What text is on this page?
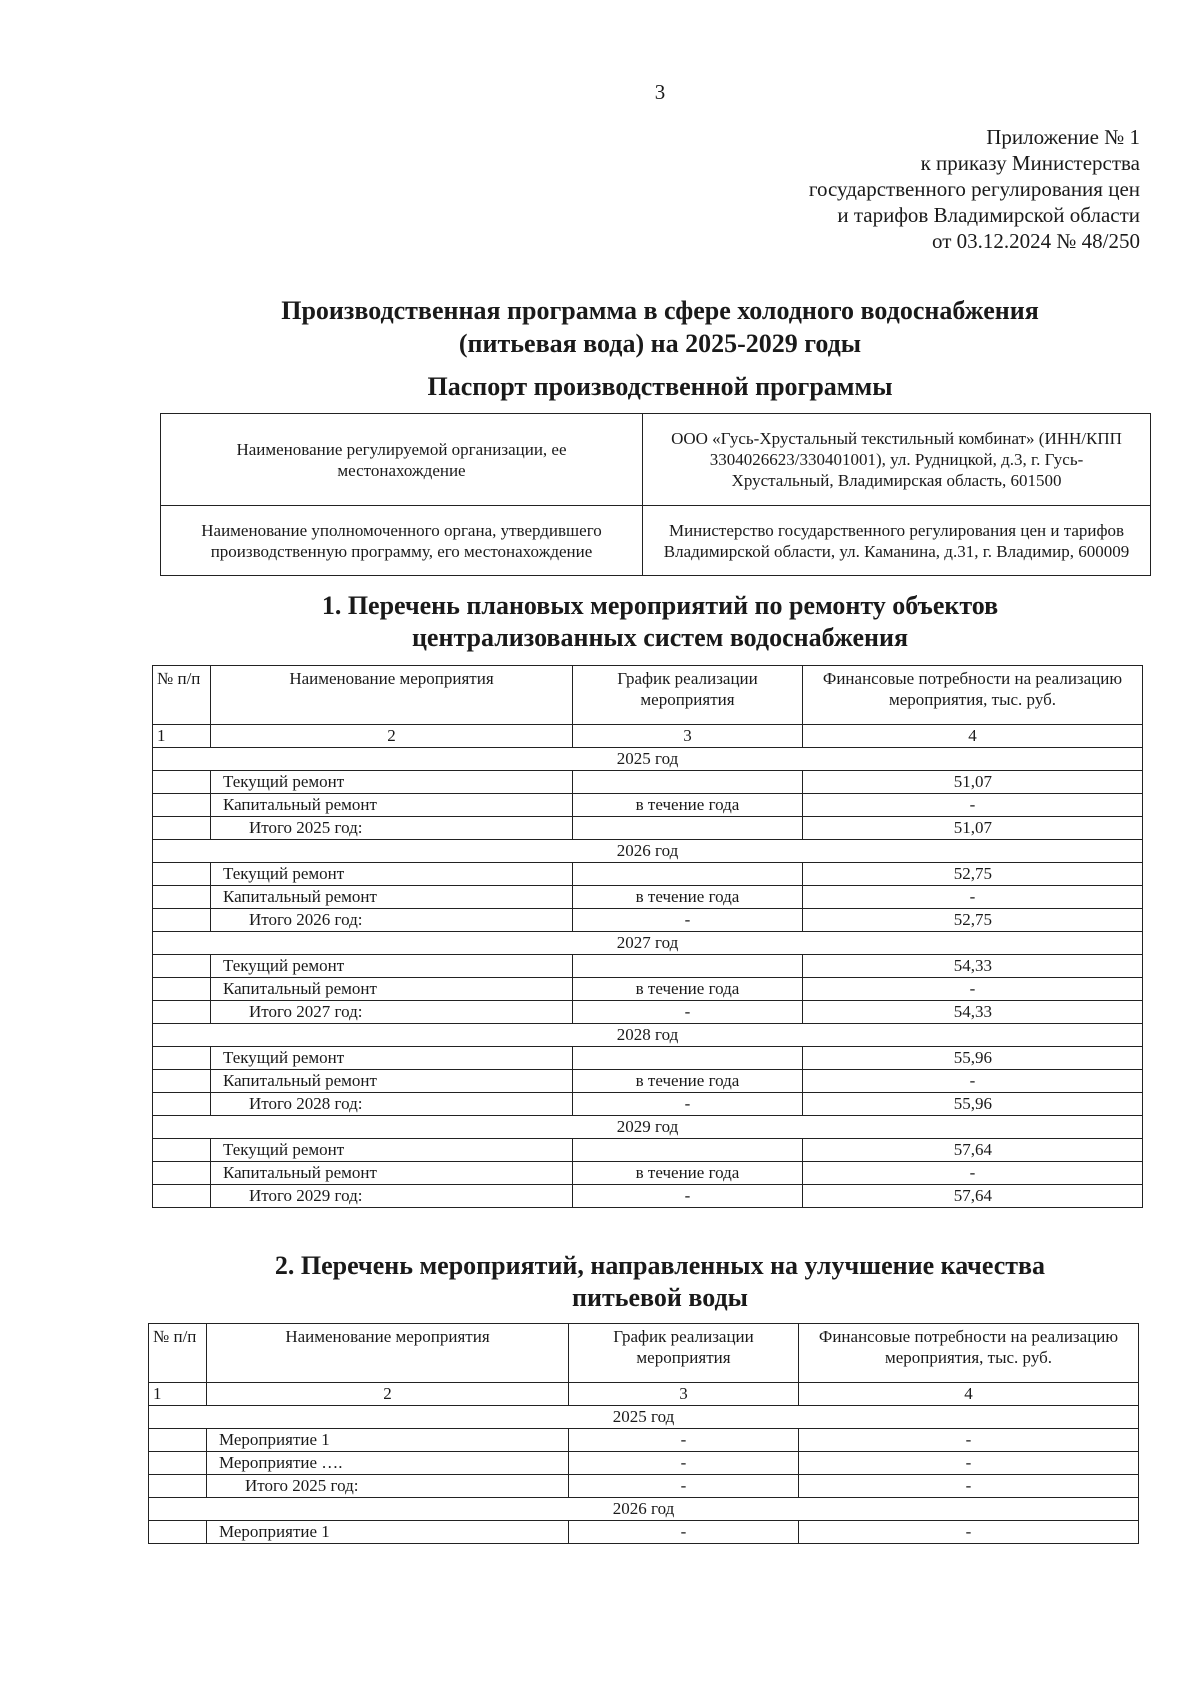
3
Приложение № 1
к приказу Министерства
государственного регулирования цен
и тарифов Владимирской области
от 03.12.2024 № 48/250
Производственная программа в сфере холодного водоснабжения
(питьевая вода) на 2025-2029 годы
Паспорт производственной программы
Наименование регулируемой организации, ее местонахождение	ООО «Гусь-Хрустальный текстильный комбинат» (ИНН/КПП 3304026623/330401001), ул. Рудницкой, д.3, г. Гусь-Хрустальный, Владимирская область, 601500
Наименование уполномоченного органа, утвердившего производственную программу, его местонахождение	Министерство государственного регулирования цен и тарифов Владимирской области, ул. Каманина, д.31, г. Владимир, 600009
1. Перечень плановых мероприятий по ремонту объектов
централизованных систем водоснабжения
№ п/п	Наименование мероприятия	График реализации мероприятия	Финансовые потребности на реализацию мероприятия, тыс. руб.
1	2	3	4
2025 год			
	Текущий ремонт		51,07
	Капитальный ремонт	в течение года	-
	Итого 2025 год:		51,07
2026 год			
	Текущий ремонт		52,75
	Капитальный ремонт	в течение года	-
	Итого 2026 год:	-	52,75
2027 год			
	Текущий ремонт		54,33
	Капитальный ремонт	в течение года	-
	Итого 2027 год:	-	54,33
2028 год			
	Текущий ремонт		55,96
	Капитальный ремонт	в течение года	-
	Итого 2028 год:	-	55,96
2029 год			
	Текущий ремонт		57,64
	Капитальный ремонт	в течение года	-
	Итого 2029 год:	-	57,64
2. Перечень мероприятий, направленных на улучшение качества
питьевой воды
№ п/п	Наименование мероприятия	График реализации мероприятия	Финансовые потребности на реализацию мероприятия, тыс. руб.
1	2	3	4
2025 год			
	Мероприятие 1	-	-
	Мероприятие ….	-	-
	Итого 2025 год:	-	-
2026 год			
	Мероприятие 1	-	-
